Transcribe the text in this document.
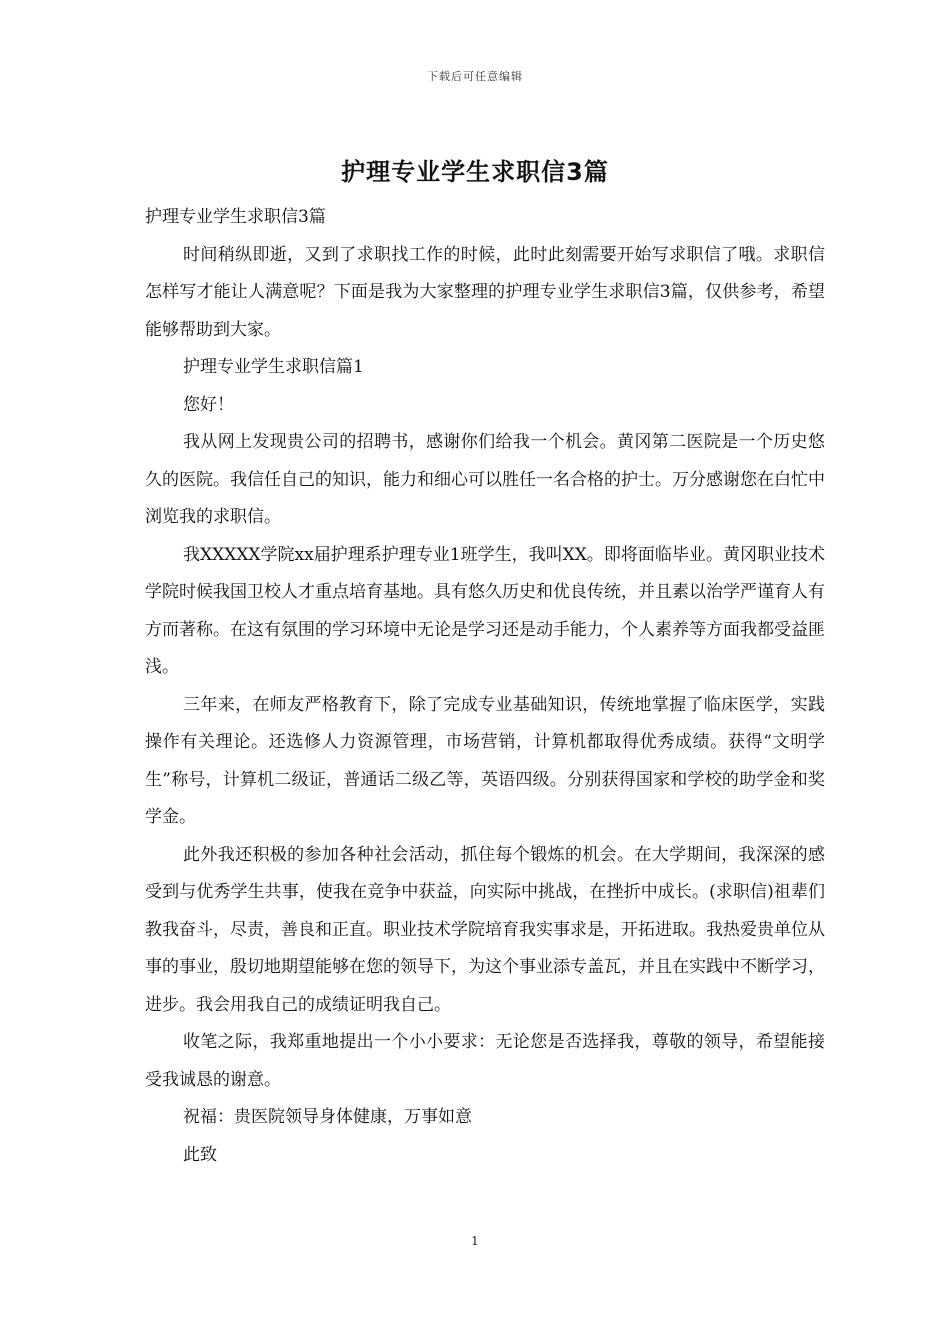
下载后可任意编辑
护理专业学生求职信3篇

护理专业学生求职信3篇

时间稍纵即逝，又到了求职找工作的时候，此时此刻需要开始写求职信了哦。求职信怎样写才能让人满意呢？下面是我为大家整理的护理专业学生求职信3篇，仅供参考，希望能够帮助到大家。

护理专业学生求职信篇1

您好！

我从网上发现贵公司的招聘书，感谢你们给我一个机会。黄冈第二医院是一个历史悠久的医院。我信任自己的知识，能力和细心可以胜任一名合格的护士。万分感谢您在白忙中浏览我的求职信。

我XXXXX学院xx届护理系护理专业1班学生，我叫XX。即将面临毕业。黄冈职业技术学院时候我国卫校人才重点培育基地。具有悠久历史和优良传统，并且素以治学严谨育人有方而著称。在这有氛围的学习环境中无论是学习还是动手能力，个人素养等方面我都受益匪浅。

三年来，在师友严格教育下，除了完成专业基础知识，传统地掌握了临床医学，实践操作有关理论。还选修人力资源管理，市场营销，计算机都取得优秀成绩。获得“文明学生”称号，计算机二级证，普通话二级乙等，英语四级。分别获得国家和学校的助学金和奖学金。

此外我还积极的参加各种社会活动，抓住每个锻炼的机会。在大学期间，我深深的感受到与优秀学生共事，使我在竞争中获益，向实际中挑战，在挫折中成长。(求职信)祖辈们教我奋斗，尽责，善良和正直。职业技术学院培育我实事求是，开拓进取。我热爱贵单位从事的事业，殷切地期望能够在您的领导下，为这个事业添专盖瓦，并且在实践中不断学习，进步。我会用我自己的成绩证明我自己。

收笔之际，我郑重地提出一个小小要求：无论您是否选择我，尊敬的领导，希望能接受我诚恳的谢意。

祝福：贵医院领导身体健康，万事如意

此致

1
